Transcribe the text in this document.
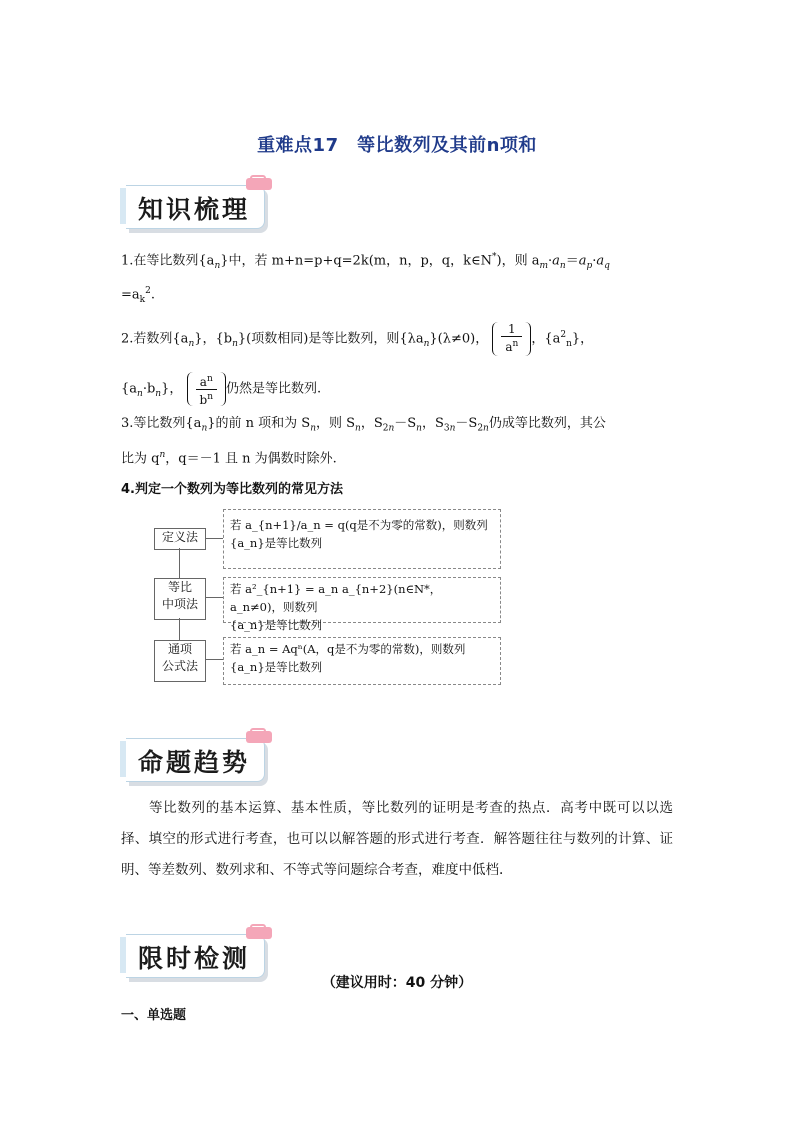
重难点17　等比数列及其前n项和
知识梳理
1.在等比数列$\{a_n\}$中，若 m+n=p+q=2k(m，n，p，q，k∈N*)，则 $a_m\cdot a_n=a_p\cdot a_q$
$=a_k^2$.
2.若数列$\{a_n\}$，$\{b_n\}$(项数相同)是等比数列，则$\{\lambda a_n\}(\lambda\ne 0)$， $\frac{1}{a^n}$ ，$\{a^2_n\}$，
$\{a_n\cdot b_n\}$， $\frac{a^n}{b^n}$ 仍然是等比数列.
3.等比数列$\{a_n\}$的前 n 项和为 $S_n$，则 $S_n$，$S_{2n}-S_n$，$S_{3n}-S_{2n}$仍成等比数列，其公
比为 $q^n$，q＝－1 且 n 为偶数时除外.
4.判定一个数列为等比数列的常见方法
定义法
若 a_{n+1}/a_n = q(q是不为零的常数)，则数列
{a_n}是等比数列
等比
中项法
若 a²_{n+1} = a_n a_{n+2}(n∈N*，a_n≠0)，则数列
{a_n}是等比数列
通项
公式法
若 a_n = Aqⁿ(A，q是不为零的常数)，则数列
{a_n}是等比数列
命题趋势
等比数列的基本运算、基本性质，等比数列的证明是考查的热点．高考中既可以以选择、填空的形式进行考查，也可以以解答题的形式进行考查．解答题往往与数列的计算、证明、等差数列、数列求和、不等式等问题综合考查，难度中低档.
限时检测
（建议用时：40 分钟）
一、单选题
